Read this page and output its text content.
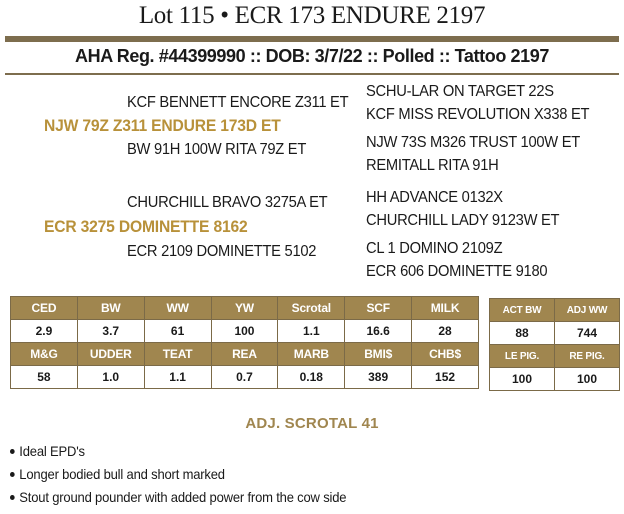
Lot 115 • ECR 173 ENDURE 2197
AHA Reg. #44399990 :: DOB: 3/7/22 :: Polled :: Tattoo 2197
KCF BENNETT ENCORE Z311 ET
NJW 79Z Z311 ENDURE 173D ET
BW 91H 100W RITA 79Z ET
SCHU-LAR ON TARGET 22S
KCF MISS REVOLUTION X338 ET
NJW 73S M326 TRUST 100W ET
REMITALL RITA 91H
CHURCHILL BRAVO 3275A ET
ECR 3275 DOMINETTE 8162
ECR 2109 DOMINETTE 5102
HH ADVANCE 0132X
CHURCHILL LADY 9123W ET
CL 1 DOMINO 2109Z
ECR 606 DOMINETTE 9180
CED	BW	WW	YW	Scrotal	SCF	MILK
2.9	3.7	61	100	1.1	16.6	28
M&G	UDDER	TEAT	REA	MARB	BMI$	CHB$
58	1.0	1.1	0.7	0.18	389	152
ACT BW	ADJ WW
88	744
LE PIG.	RE PIG.
100	100
ADJ. SCROTAL 41
Ideal EPD's
Longer bodied bull and short marked
Stout ground pounder with added power from the cow side
